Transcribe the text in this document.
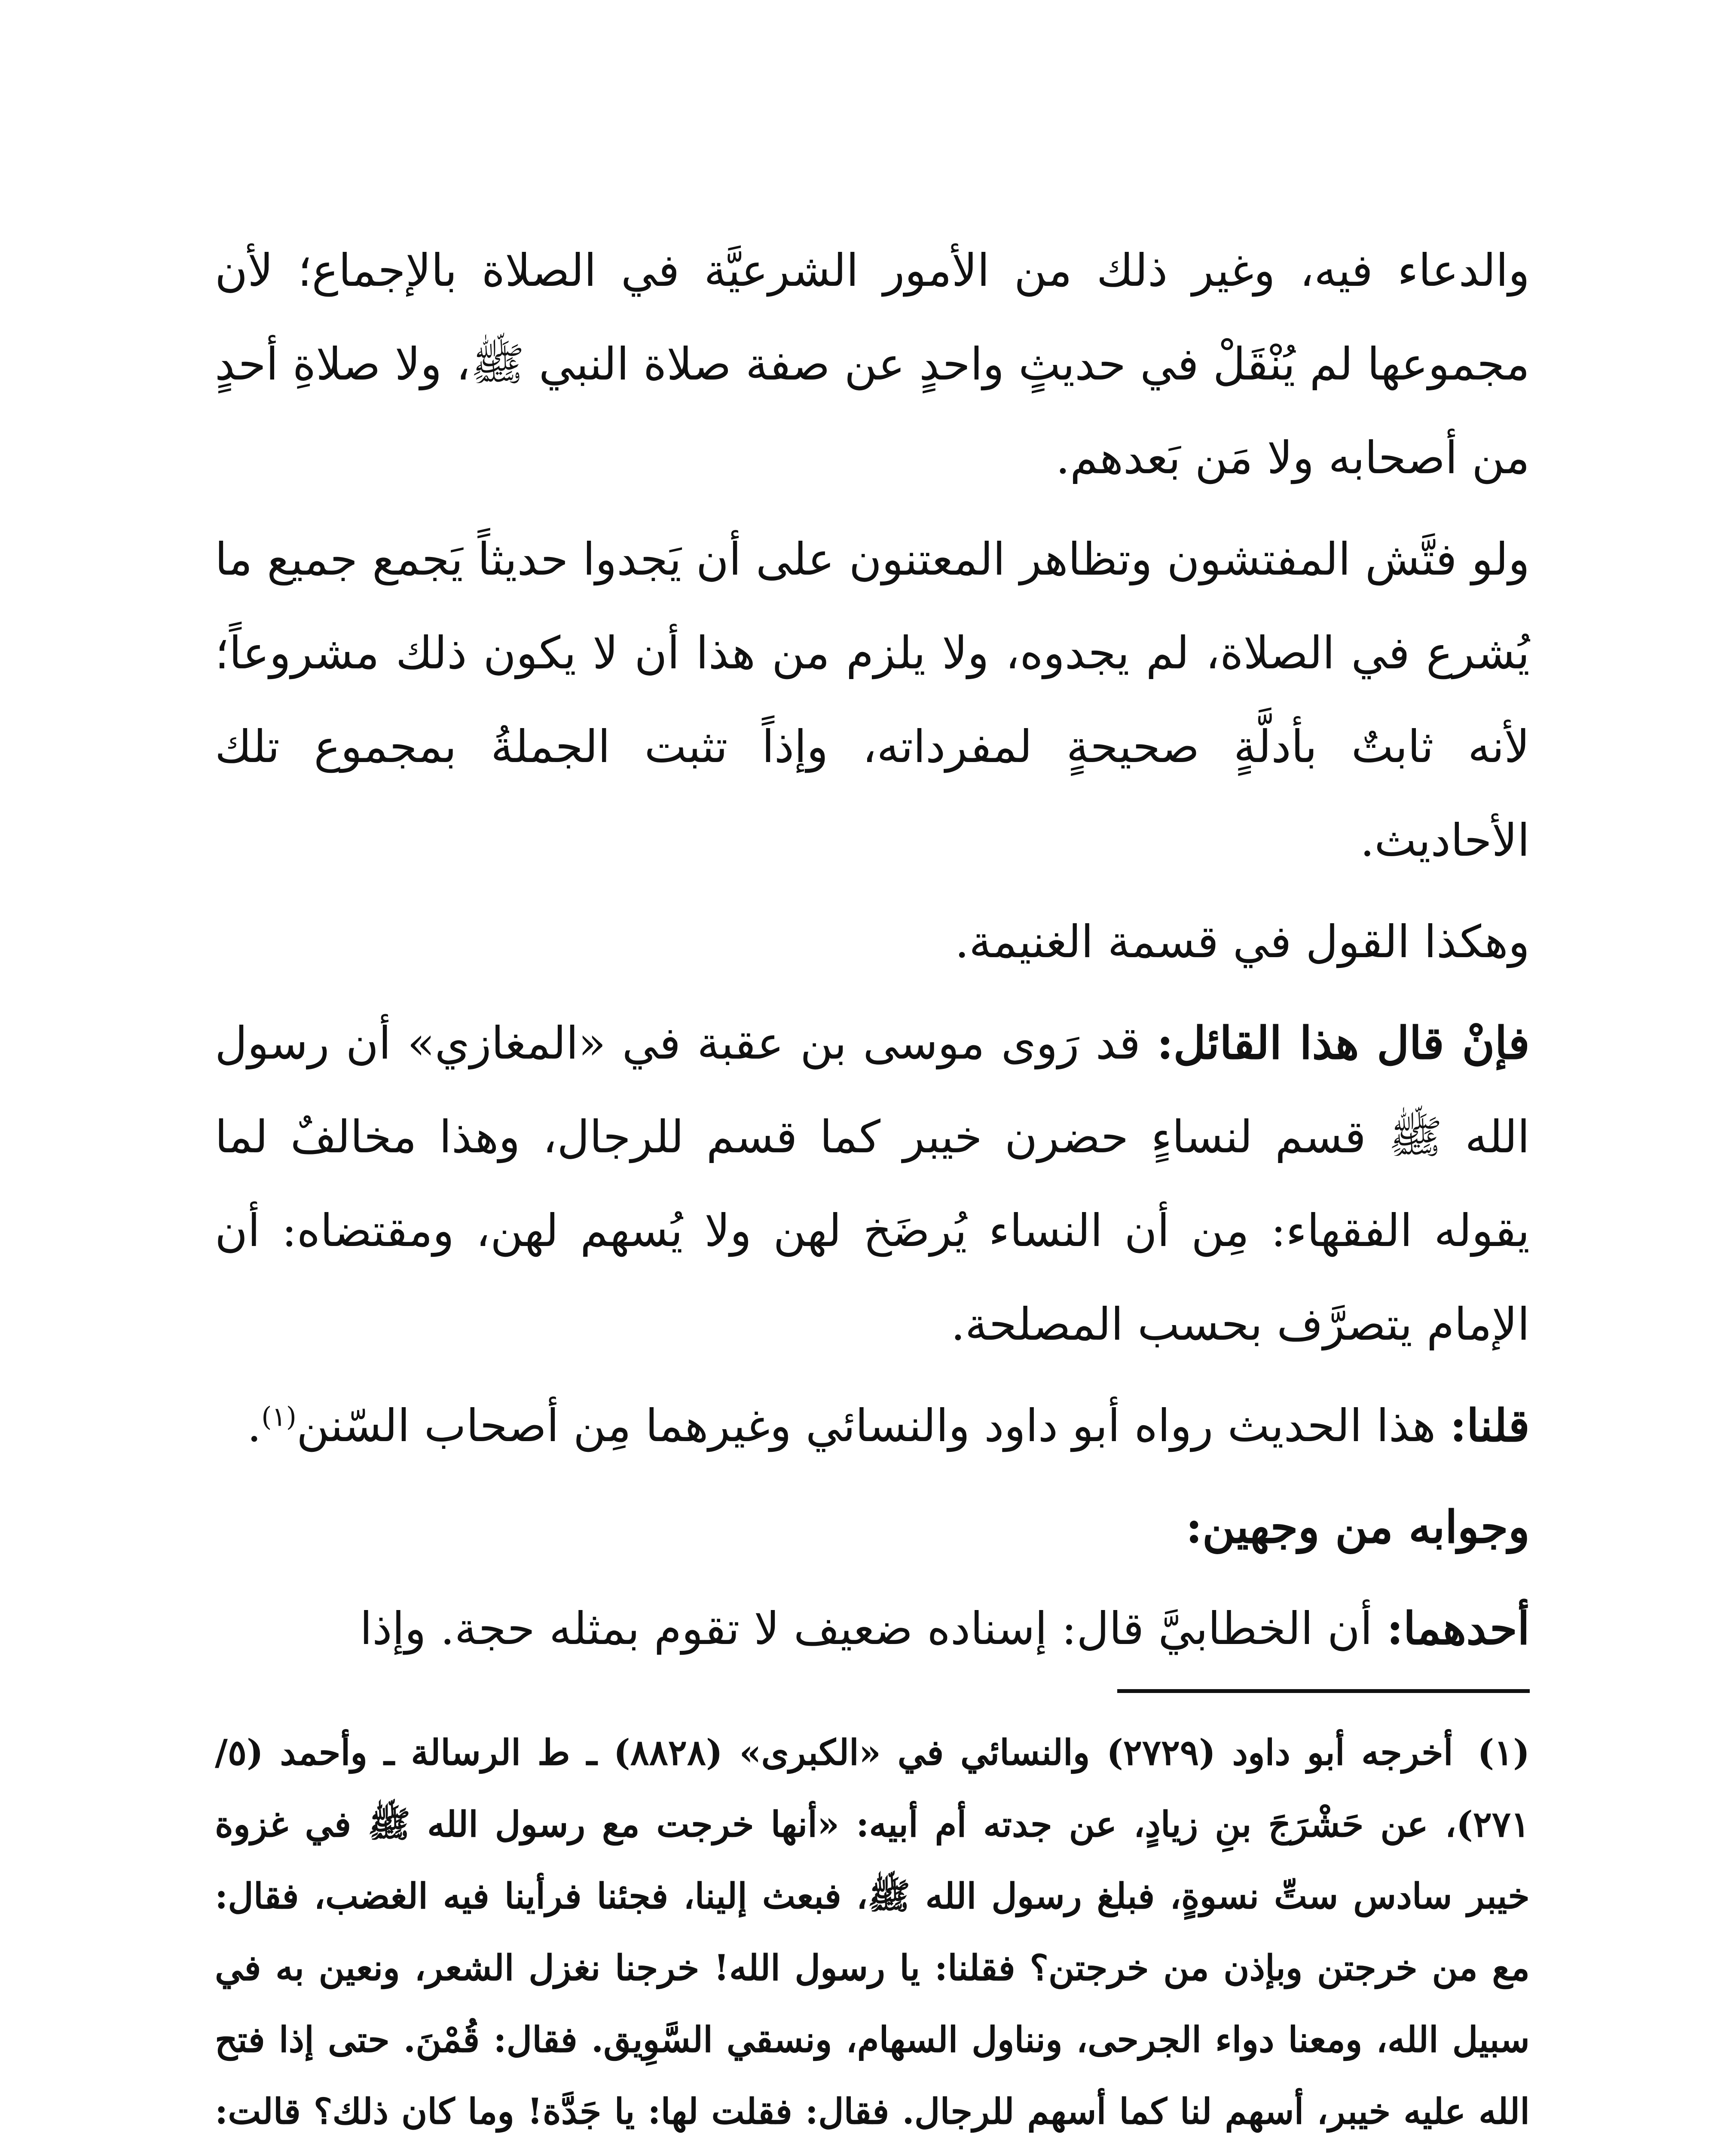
والدعاء فيه، وغير ذلك من الأمور الشرعيَّة في الصلاة بالإجماع؛ لأن مجموعها لم يُنْقَلْ في حديثٍ واحدٍ عن صفة صلاة النبي ﷺ، ولا صلاةِ أحدٍ من أصحابه ولا مَن بَعدهم.

ولو فتَّش المفتشون وتظاهر المعتنون على أن يَجدوا حديثاً يَجمع جميع ما يُشرع في الصلاة، لم يجدوه، ولا يلزم من هذا أن لا يكون ذلك مشروعاً؛ لأنه ثابتٌ بأدلَّةٍ صحيحةٍ لمفرداته، وإذاً تثبت الجملةُ بمجموع تلك الأحاديث.

وهكذا القول في قسمة الغنيمة.

فإنْ قال هذا القائل: قد رَوى موسى بن عقبة في «المغازي» أن رسول الله ﷺ قسم لنساءٍ حضرن خيبر كما قسم للرجال، وهذا مخالفٌ لما يقوله الفقهاء: مِن أن النساء يُرضَخ لهن ولا يُسهم لهن، ومقتضاه: أن الإمام يتصرَّف بحسب المصلحة.

قلنا: هذا الحديث رواه أبو داود والنسائي وغيرهما مِن أصحاب السّنن$^{(١)}$.

وجوابه من وجهين:

أحدهما: أن الخطابيَّ قال: إسناده ضعيف لا تقوم بمثله حجة. وإذا

(١) أخرجه أبو داود (٢٧٢٩) والنسائي في «الكبرى» (٨٨٢٨) ـ ط الرسالة ـ وأحمد (٥/ ٢٧١)، عن حَشْرَجَ بنِ زيادٍ، عن جدته أم أبيه: «أنها خرجت مع رسول الله ﷺ في غزوة خيبر سادس ستِّ نسوةٍ، فبلغ رسول الله ﷺ، فبعث إلينا، فجئنا فرأينا فيه الغضب، فقال: مع من خرجتن وبإذن من خرجتن؟ فقلنا: يا رسول الله! خرجنا نغزل الشعر، ونعين به في سبيل الله، ومعنا دواء الجرحى، ونناول السهام، ونسقي السَّوِيق. فقال: قُمْنَ. حتى إذا فتح الله عليه خيبر، أسهم لنا كما أسهم للرجال. فقال: فقلت لها: يا جَدَّة! وما كان ذلك؟ قالت:
